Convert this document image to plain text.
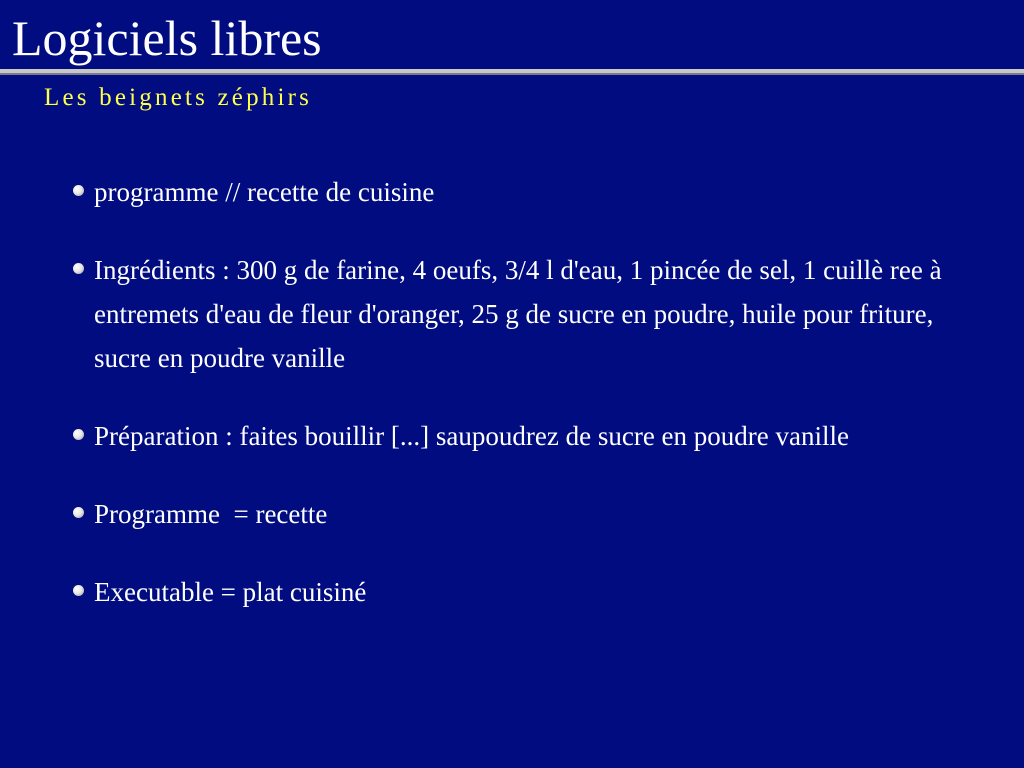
Logiciels libres
Les beignets zéphirs
programme // recette de cuisine
Ingrédients : 300 g de farine, 4 oeufs, 3/4 l d'eau, 1 pincée de sel, 1 cuillè ree à entremets d'eau de fleur d'oranger, 25 g de sucre en poudre, huile pour friture, sucre en poudre vanille
Préparation : faites bouillir [...] saupoudrez de sucre en poudre vanille
Programme  = recette
Executable = plat cuisiné
